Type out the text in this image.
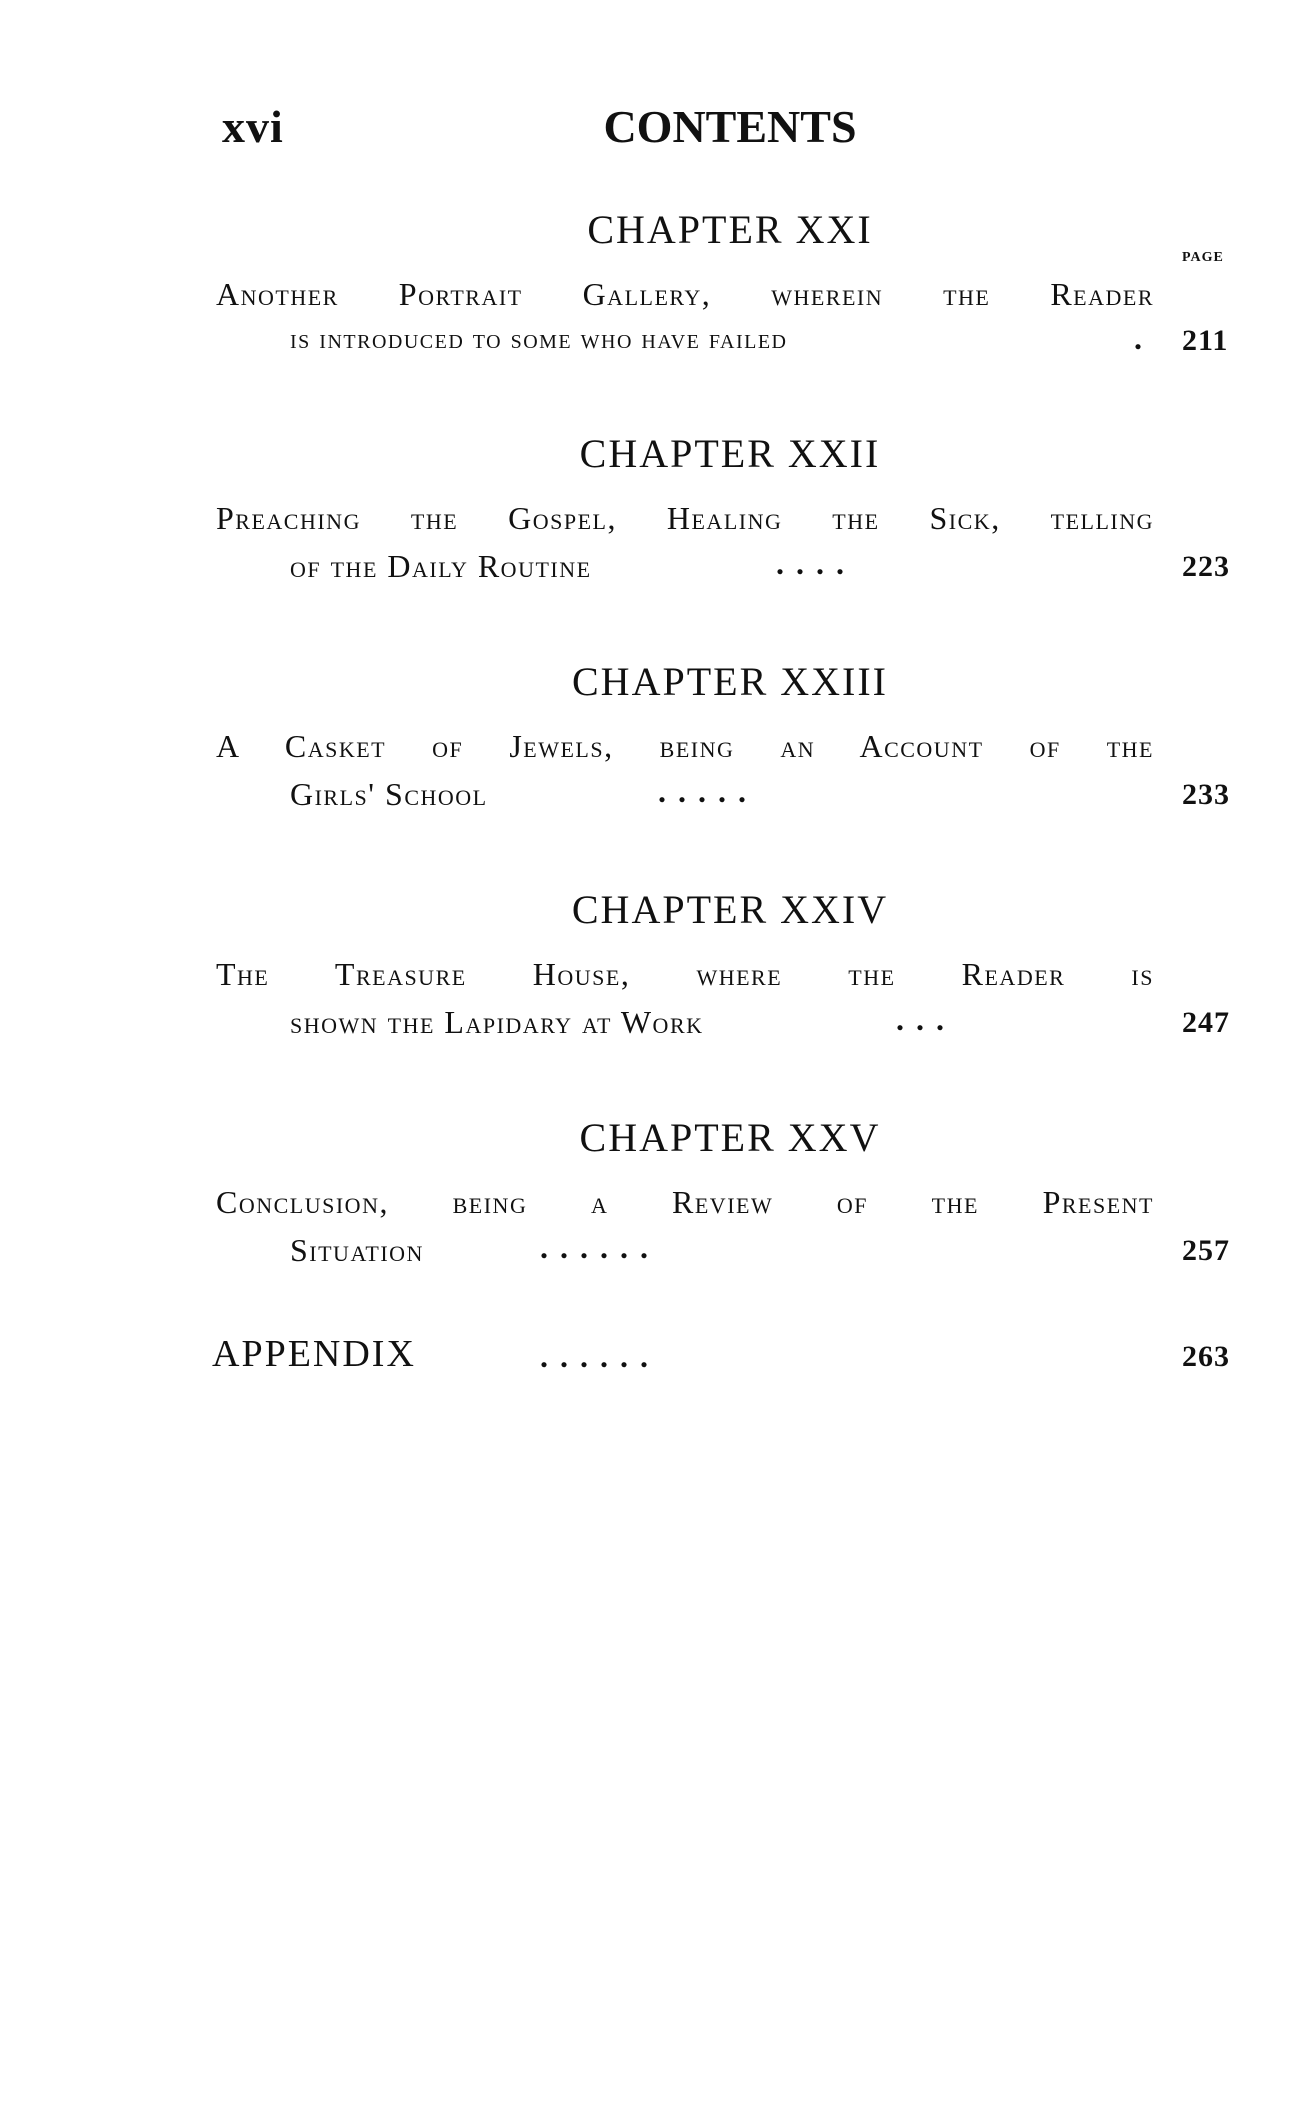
xvi	CONTENTS
CHAPTER XXI
PAGE
Another Portrait Gallery, wherein the Reader
is introduced to some who have failed	. 211
CHAPTER XXII
Preaching the Gospel, Healing the Sick, telling
of the Daily Routine	. . . .	223
CHAPTER XXIII
A Casket of Jewels, being an Account of the
Girls' School	. . . . .	233
CHAPTER XXIV
The Treasure House, where the Reader is
shown the Lapidary at Work	. . .	247
CHAPTER XXV
Conclusion, being a Review of the Present
Situation	. . . . . .	257
APPENDIX	. . . . . .	263
